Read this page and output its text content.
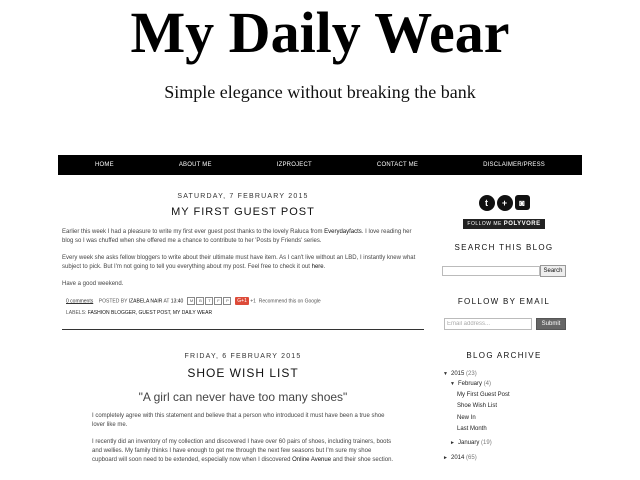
My Daily Wear
Simple elegance without breaking the bank
HOME	ABOUT ME	IZPROJECT	CONTACT ME	DISCLAIMER/PRESS
SATURDAY, 7 FEBRUARY 2015
MY FIRST GUEST POST

Earlier this week I had a pleasure to write my first ever guest post thanks to the lovely Raluca from Everydayfacts. I love reading her blog so I was chuffed when she offered me a chance to contribute to her 'Posts by Friends' series.

Every week she asks fellow bloggers to write about their ultimate must have item. As I can't live without an LBD, I instantly knew what subject to pick. But I'm not going to tell you everything about my post. Feel free to check it out here.

Have a good weekend.

0 comments POSTED BY IZABELA NAIR AT 13:40 M B T F P G+1 +1 Recommend this on Google
LABELS: FASHION BLOGGER, GUEST POST, MY DAILY WEAR
FRIDAY, 6 FEBRUARY 2015
SHOE WISH LIST
"A girl can never have too many shoes"

I completely agree with this statement and believe that a person who introduced it must have been a true shoe lover like me.

I recently did an inventory of my collection and discovered I have over 60 pairs of shoes, including trainers, boots and wellies. My family thinks I have enough to get me through the next few seasons but I'm sure my shoe cupboard will soon need to be extended, especially now when I discovered Online Avenue and their shoe section.

t + ◙
FOLLOW ME POLYVORE
SEARCH THIS BLOG
Search
FOLLOW BY EMAIL
Email address...
Submit
BLOG ARCHIVE
▼ 2015 (23)
▼ February (4)
My First Guest Post
Shoe Wish List
New In
Last Month
► January (19)
► 2014 (65)
